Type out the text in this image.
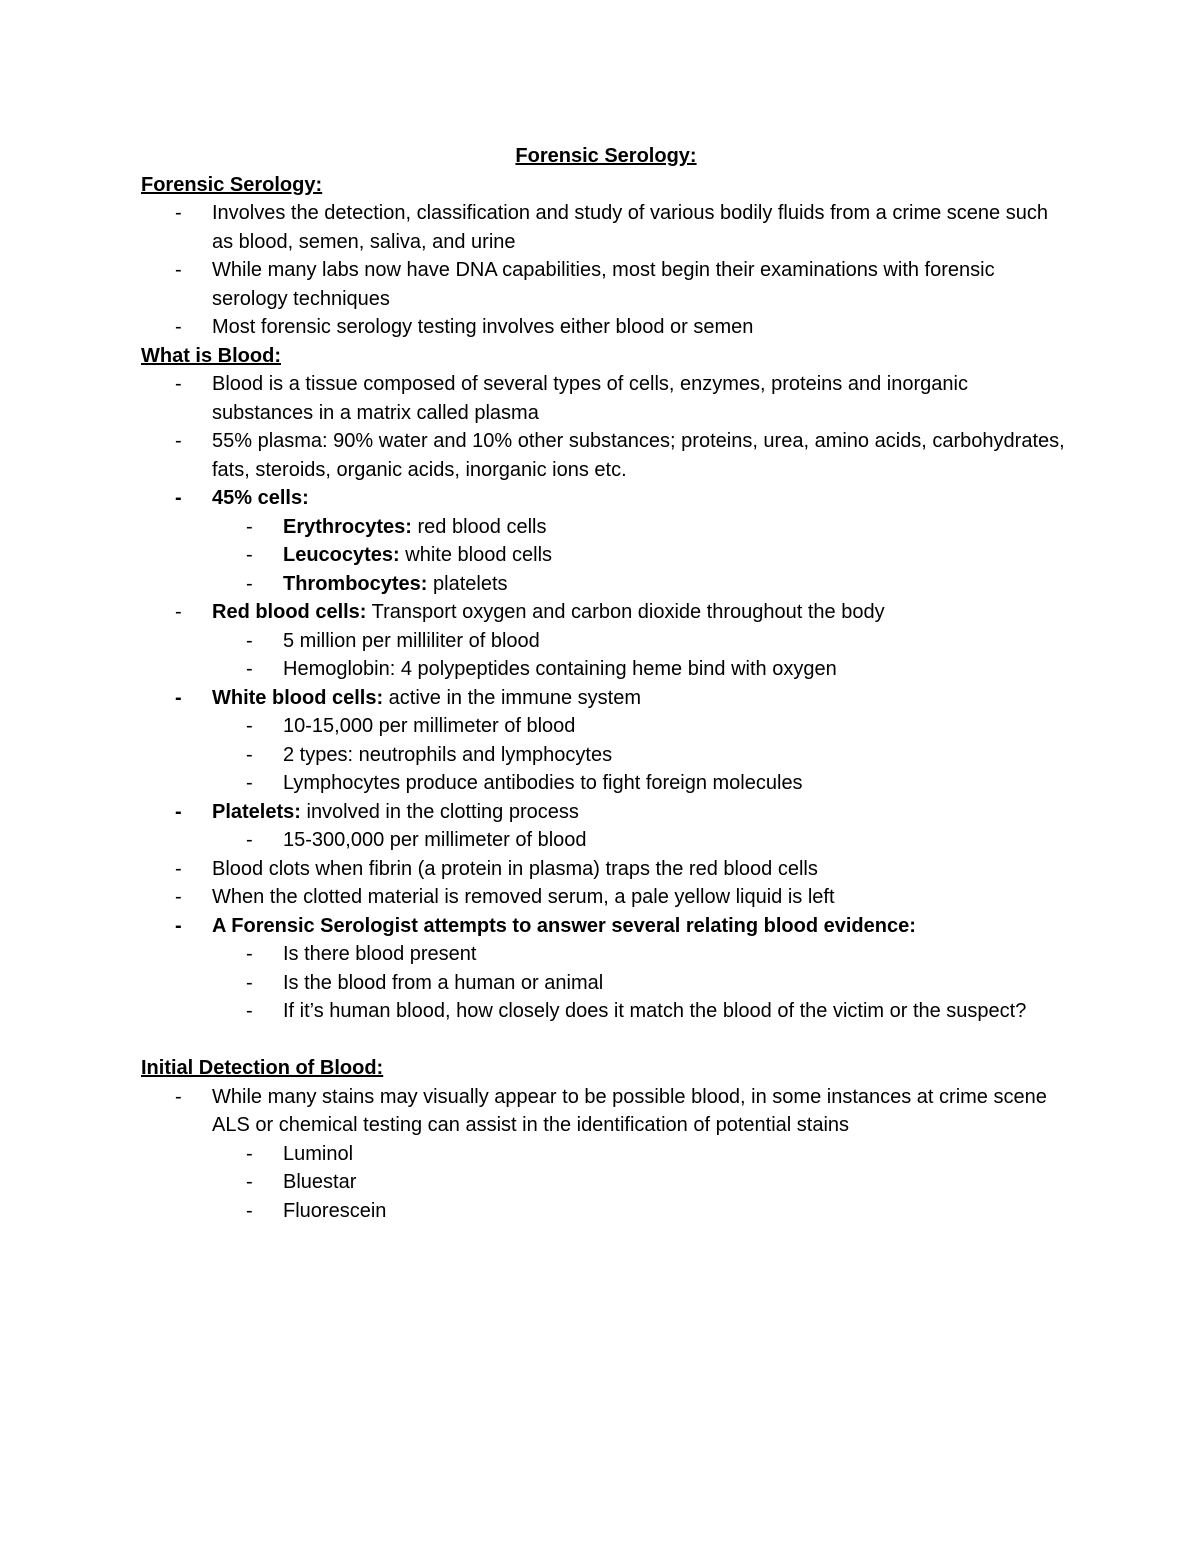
Forensic Serology:

Forensic Serology:

- Involves the detection, classification and study of various bodily fluids from a crime scene such as blood, semen, saliva, and urine
- While many labs now have DNA capabilities, most begin their examinations with forensic serology techniques
- Most forensic serology testing involves either blood or semen

What is Blood:

- Blood is a tissue composed of several types of cells, enzymes, proteins and inorganic substances in a matrix called plasma
- 55% plasma: 90% water and 10% other substances; proteins, urea, amino acids, carbohydrates, fats, steroids, organic acids, inorganic ions etc.
- 45% cells:
- Erythrocytes: red blood cells
- Leucocytes: white blood cells
- Thrombocytes: platelets
- Red blood cells: Transport oxygen and carbon dioxide throughout the body
- 5 million per milliliter of blood
- Hemoglobin: 4 polypeptides containing heme bind with oxygen
- White blood cells: active in the immune system
- 10-15,000 per millimeter of blood
- 2 types: neutrophils and lymphocytes
- Lymphocytes produce antibodies to fight foreign molecules
- Platelets: involved in the clotting process
- 15-300,000 per millimeter of blood
- Blood clots when fibrin (a protein in plasma) traps the red blood cells
- When the clotted material is removed serum, a pale yellow liquid is left
- A Forensic Serologist attempts to answer several relating blood evidence:
- Is there blood present
- Is the blood from a human or animal
- If it’s human blood, how closely does it match the blood of the victim or the suspect?

Initial Detection of Blood:

- While many stains may visually appear to be possible blood, in some instances at crime scene ALS or chemical testing can assist in the identification of potential stains
- Luminol
- Bluestar
- Fluorescein
